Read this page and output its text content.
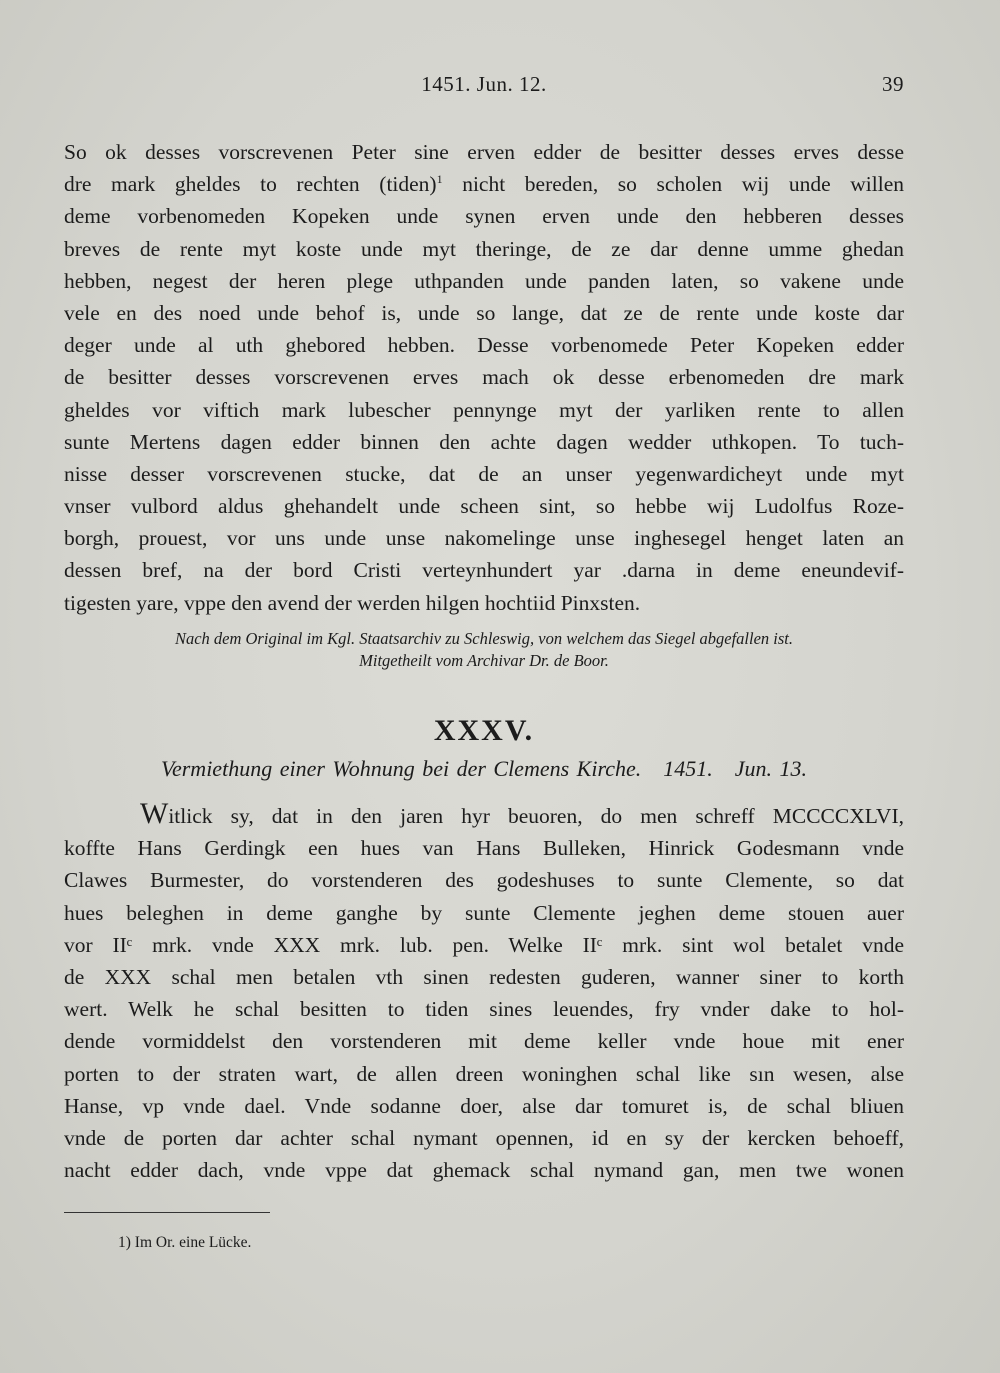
1451. Jun. 12.	39
So ok desses vorscrevenen Peter sine erven edder de besitter desses erves desse
dre mark gheldes to rechten (tiden)$^1$ nicht bereden, so scholen wij unde willen
deme vorbenomeden Kopeken unde synen erven unde den hebberen desses
breves de rente myt koste unde myt theringe, de ze dar denne umme ghedan
hebben, negest der heren plege uthpanden unde panden laten, so vakene unde
vele en des noed unde behof is, unde so lange, dat ze de rente unde koste dar
deger unde al uth ghebored hebben. Desse vorbenomede Peter Kopeken edder
de besitter desses vorscrevenen erves mach ok desse erbenomeden dre mark
gheldes vor viftich mark lubescher pennynge myt der yarliken rente to allen
sunte Mertens dagen edder binnen den achte dagen wedder uthkopen. To tuch-
nisse desser vorscrevenen stucke, dat de an unser yegenwardicheyt unde myt
vnser vulbord aldus ghehandelt unde scheen sint, so hebbe wij Ludolfus Roze-
borgh, prouest, vor uns unde unse nakomelinge unse inghesegel henget laten an
dessen bref, na der bord Cristi verteynhundert yar .darna in deme eneundevif-
tigesten yare, vppe den avend der werden hilgen hochtiid Pinxsten.
Nach dem Original im Kgl. Staatsarchiv zu Schleswig, von welchem das Siegel abgefallen ist.
Mitgetheilt vom Archivar Dr. de Boor.
XXXV.
Vermiethung einer Wohnung bei der Clemens Kirche. 1451. Jun. 13.
Witlick sy, dat in den jaren hyr beuoren, do men schreff MCCCCXLVI,
koffte Hans Gerdingk een hues van Hans Bulleken, Hinrick Godesmann vnde
Clawes Burmester, do vorstenderen des godeshuses to sunte Clemente, so dat
hues beleghen in deme ganghe by sunte Clemente jeghen deme stouen auer
vor IIᶜ mrk. vnde XXX mrk. lub. pen. Welke IIᶜ mrk. sint wol betalet vnde
de XXX schal men betalen vth sinen redesten guderen, wanner siner to korth
wert. Welk he schal besitten to tiden sines leuendes, fry vnder dake to hol-
dende vormiddelst den vorstenderen mit deme keller vnde houe mit ener
porten to der straten wart, de allen dreen woninghen schal like sın wesen, alse
Hanse, vp vnde dael. Vnde sodanne doer, alse dar tomuret is, de schal bliuen
vnde de porten dar achter schal nymant opennen, id en sy der kercken behoeff,
nacht edder dach, vnde vppe dat ghemack schal nymand gan, men twe wonen
1) Im Or. eine Lücke.
